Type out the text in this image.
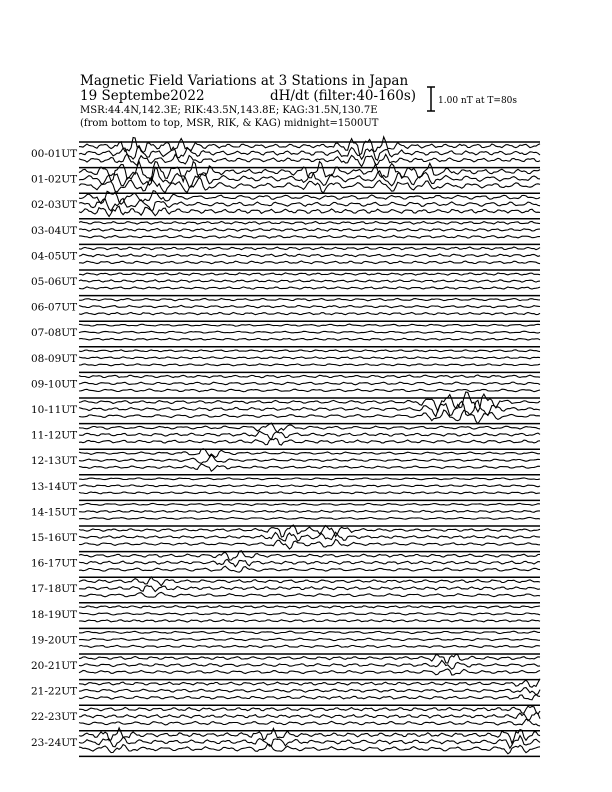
Magnetic Field Variations at 3 Stations in Japan
19 Septembe2022	dH/dt (filter:40-160s)
MSR:44.4N,142.3E; RIK:43.5N,143.8E; KAG:31.5N,130.7E
(from bottom to top, MSR, RIK, & KAG) midnight=1500UT
1.00 nT at T=80s
00-01UT
01-02UT
02-03UT
03-04UT
04-05UT
05-06UT
06-07UT
07-08UT
08-09UT
09-10UT
10-11UT
11-12UT
12-13UT
13-14UT
14-15UT
15-16UT
16-17UT
17-18UT
18-19UT
19-20UT
20-21UT
21-22UT
22-23UT
23-24UT
